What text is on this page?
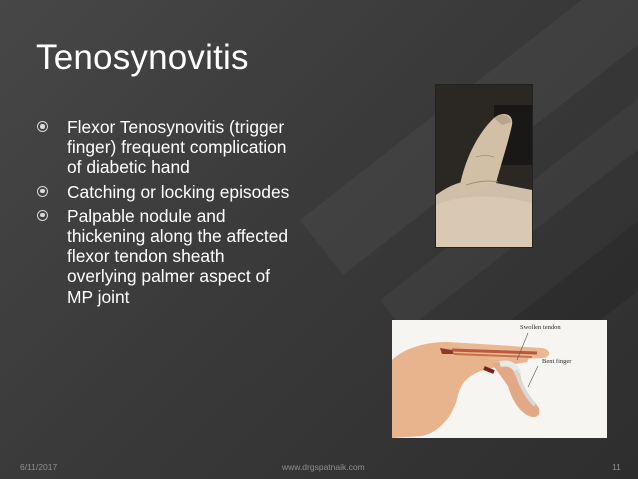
Tenosynovitis
Flexor Tenosynovitis (trigger finger) frequent complication of diabetic hand
Catching or locking episodes
Palpable nodule and thickening along the affected flexor tendon sheath overlying palmer aspect of MP joint
Swollen tendon
Bent finger
6/11/2017	www.drgspatnaik.com	11
